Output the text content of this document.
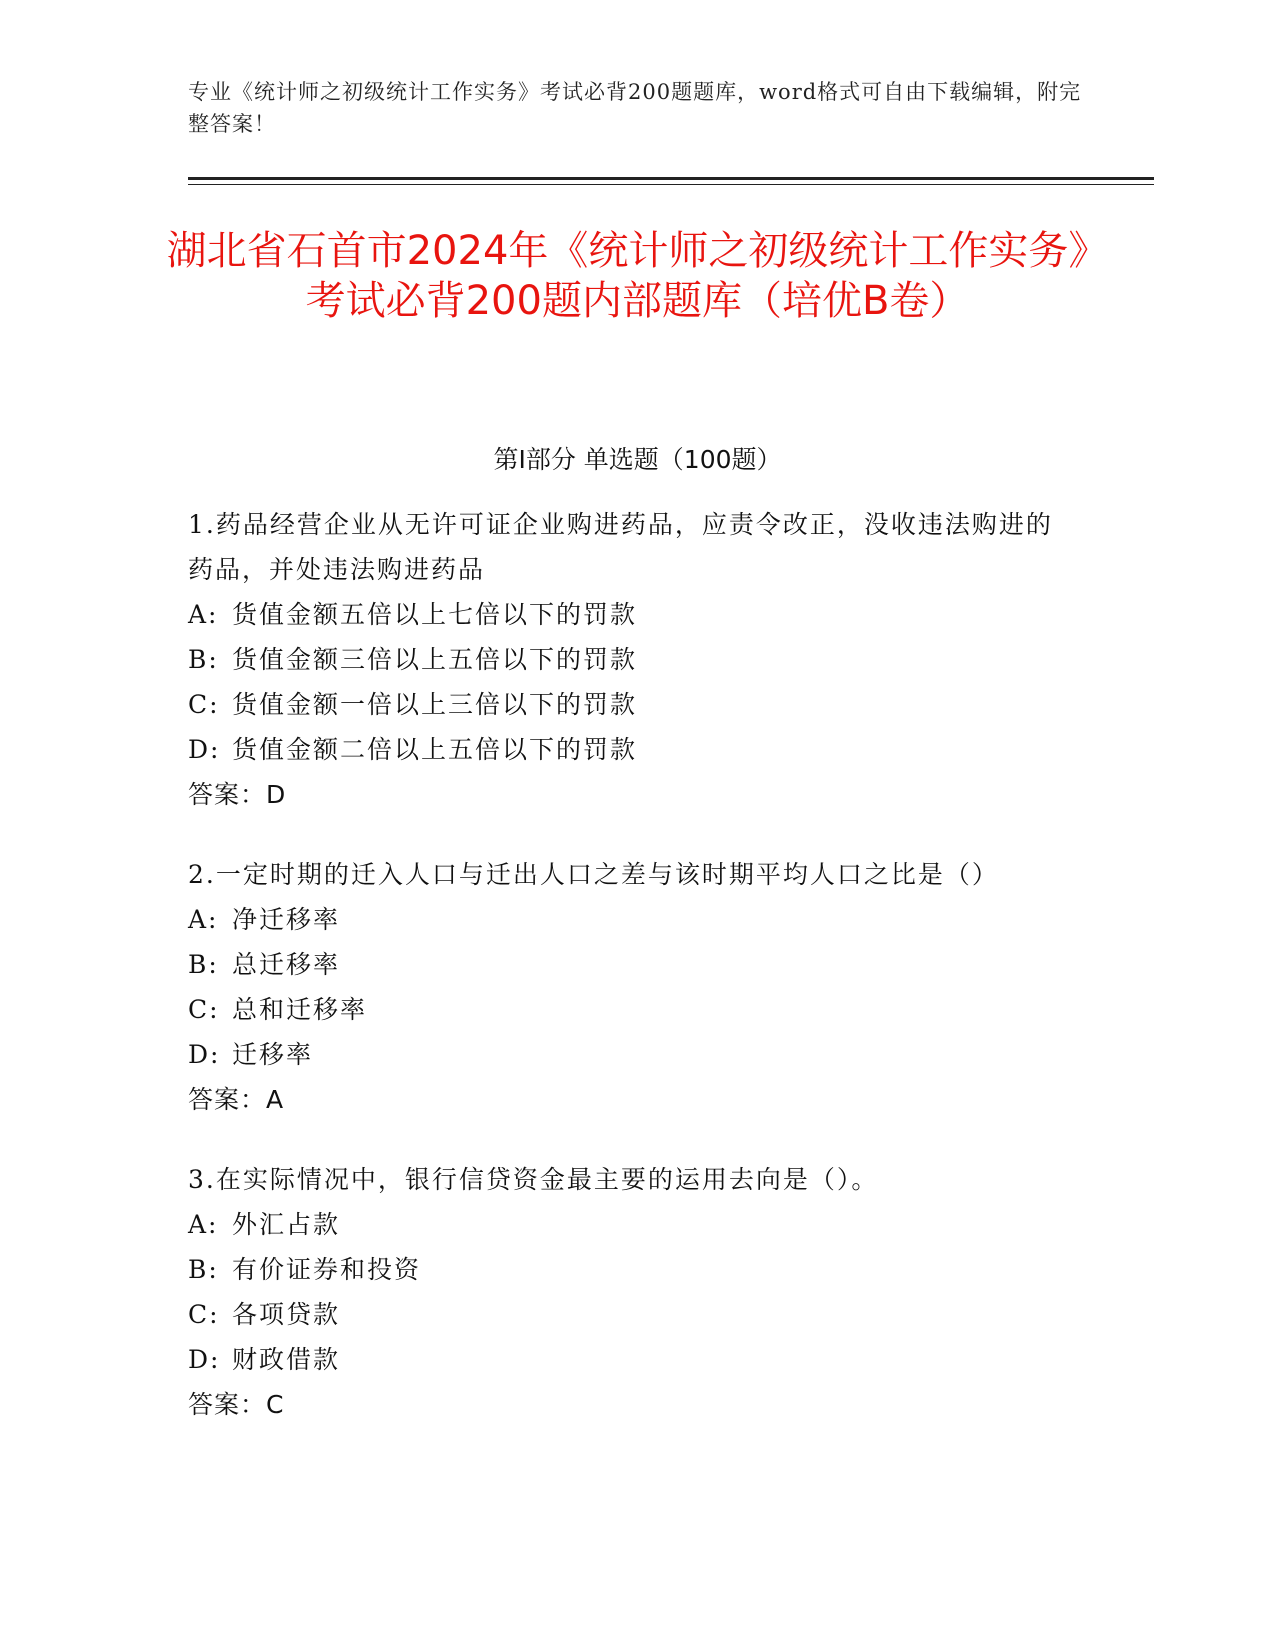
专业《统计师之初级统计工作实务》考试必背200题题库，word格式可自由下载编辑，附完整答案！
湖北省石首市2024年《统计师之初级统计工作实务》考试必背200题内部题库（培优B卷）
第I部分 单选题（100题）

1.药品经营企业从无许可证企业购进药品，应责令改正，没收违法购进的药品，并处违法购进药品

A: 货值金额五倍以上七倍以下的罚款
B: 货值金额三倍以上五倍以下的罚款
C: 货值金额一倍以上三倍以下的罚款
D: 货值金额二倍以上五倍以下的罚款
答案：D

2.一定时期的迁入人口与迁出人口之差与该时期平均人口之比是（）

A: 净迁移率
B: 总迁移率
C: 总和迁移率
D: 迁移率
答案：A

3.在实际情况中，银行信贷资金最主要的运用去向是（）。

A: 外汇占款
B: 有价证券和投资
C: 各项贷款
D: 财政借款
答案：C
